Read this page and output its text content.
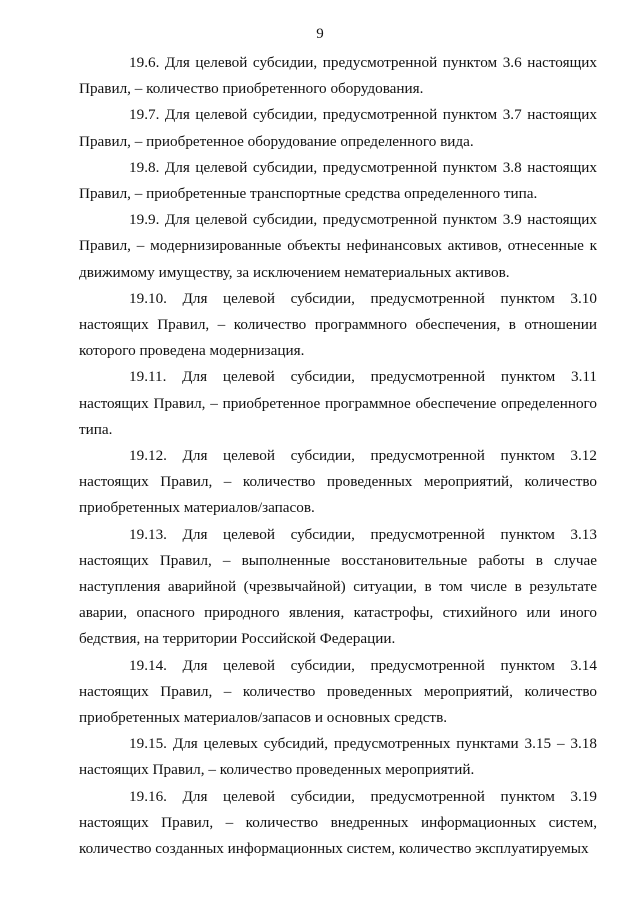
9

19.6. Для целевой субсидии, предусмотренной пунктом 3.6 настоящих Правил, – количество приобретенного оборудования.

19.7. Для целевой субсидии, предусмотренной пунктом 3.7 настоящих Правил, – приобретенное оборудование определенного вида.

19.8. Для целевой субсидии, предусмотренной пунктом 3.8 настоящих Правил, – приобретенные транспортные средства определенного типа.

19.9. Для целевой субсидии, предусмотренной пунктом 3.9 настоящих Правил, – модернизированные объекты нефинансовых активов, отнесенные к движимому имуществу, за исключением нематериальных активов.

19.10. Для целевой субсидии, предусмотренной пунктом 3.10 настоящих Правил, – количество программного обеспечения, в отношении которого проведена модернизация.

19.11. Для целевой субсидии, предусмотренной пунктом 3.11 настоящих Правил, – приобретенное программное обеспечение определенного типа.

19.12. Для целевой субсидии, предусмотренной пунктом 3.12 настоящих Правил, – количество проведенных мероприятий, количество приобретенных материалов/запасов.

19.13. Для целевой субсидии, предусмотренной пунктом 3.13 настоящих Правил, – выполненные восстановительные работы в случае наступления аварийной (чрезвычайной) ситуации, в том числе в результате аварии, опасного природного явления, катастрофы, стихийного или иного бедствия, на территории Российской Федерации.

19.14. Для целевой субсидии, предусмотренной пунктом 3.14 настоящих Правил, – количество проведенных мероприятий, количество приобретенных материалов/запасов и основных средств.

19.15. Для целевых субсидий, предусмотренных пунктами 3.15 – 3.18 настоящих Правил, – количество проведенных мероприятий.

19.16. Для целевой субсидии, предусмотренной пунктом 3.19 настоящих Правил, – количество внедренных информационных систем, количество созданных информационных систем, количество эксплуатируемых
